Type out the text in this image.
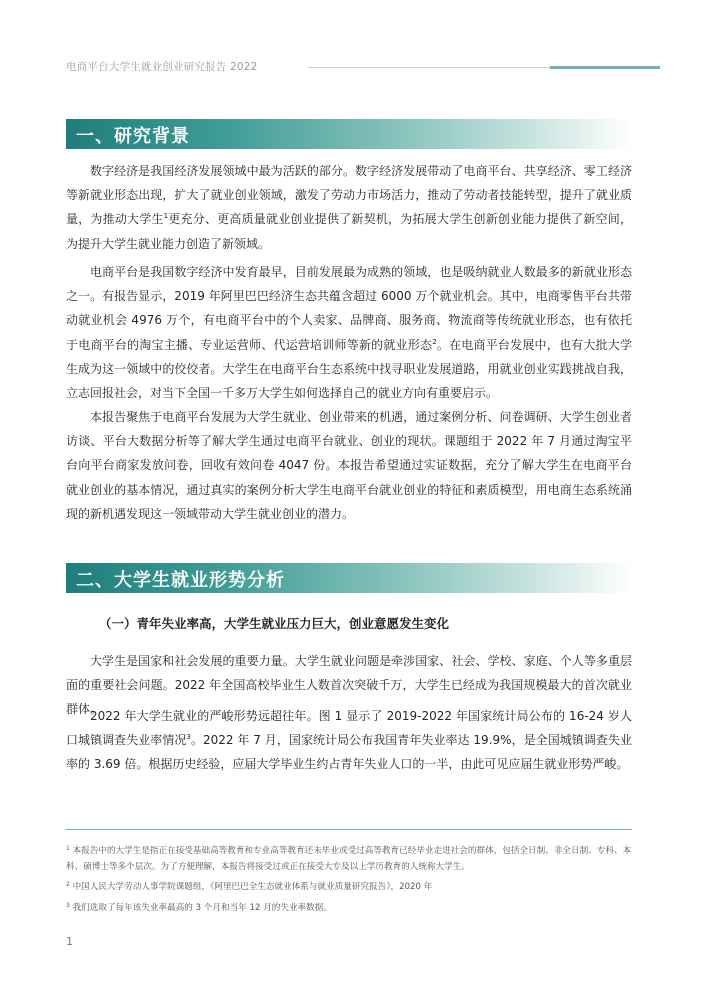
电商平台大学生就业创业研究报告 2022
一、研究背景

数字经济是我国经济发展领域中最为活跃的部分。数字经济发展带动了电商平台、共享经济、零工经济等新就业形态出现，扩大了就业创业领域，激发了劳动力市场活力，推动了劳动者技能转型，提升了就业质量，为推动大学生$^1$更充分、更高质量就业创业提供了新契机，为拓展大学生创新创业能力提供了新空间，为提升大学生就业能力创造了新领域。

电商平台是我国数字经济中发育最早，目前发展最为成熟的领域，也是吸纳就业人数最多的新就业形态之一。有报告显示，2019 年阿里巴巴经济生态共蕴含超过 6000 万个就业机会。其中，电商零售平台共带动就业机会 4976 万个，有电商平台中的个人卖家、品牌商、服务商、物流商等传统就业形态，也有依托于电商平台的淘宝主播、专业运营师、代运营培训师等新的就业形态$^2$。在电商平台发展中，也有大批大学生成为这一领域中的佼佼者。大学生在电商平台生态系统中找寻职业发展道路，用就业创业实践挑战自我，立志回报社会，对当下全国一千多万大学生如何选择自己的就业方向有重要启示。

本报告聚焦于电商平台发展为大学生就业、创业带来的机遇，通过案例分析、问卷调研、大学生创业者访谈、平台大数据分析等了解大学生通过电商平台就业、创业的现状。课题组于 2022 年 7 月通过淘宝平台向平台商家发放问卷，回收有效问卷 4047 份。本报告希望通过实证数据，充分了解大学生在电商平台就业创业的基本情况，通过真实的案例分析大学生电商平台就业创业的特征和素质模型，用电商生态系统涌现的新机遇发现这一领域带动大学生就业创业的潜力。

二、大学生就业形势分析
（一）青年失业率高，大学生就业压力巨大，创业意愿发生变化

大学生是国家和社会发展的重要力量。大学生就业问题是牵涉国家、社会、学校、家庭、个人等多重层面的重要社会问题。2022 年全国高校毕业生人数首次突破千万，大学生已经成为我国规模最大的首次就业群体。

2022 年大学生就业的严峻形势远超往年。图 1 显示了 2019-2022 年国家统计局公布的 16-24 岁人口城镇调查失业率情况$^3$。2022 年 7 月，国家统计局公布我国青年失业率达 19.9%，是全国城镇调查失业率的 3.69 倍。根据历史经验，应届大学毕业生约占青年失业人口的一半，由此可见应届生就业形势严峻。

$^1$ 本报告中的大学生是指正在接受基础高等教育和专业高等教育还未毕业或受过高等教育已经毕业走进社会的群体，包括全日制、非全日制、专科、本科、硕博士等多个层次。为了方便理解，本报告将接受过或正在接受大专及以上学历教育的人统称大学生。

$^2$ 中国人民大学劳动人事学院课题组，《阿里巴巴全生态就业体系与就业质量研究报告》，2020 年

$^3$ 我们选取了每年该失业率最高的 3 个月和当年 12 月的失业率数据。

1
